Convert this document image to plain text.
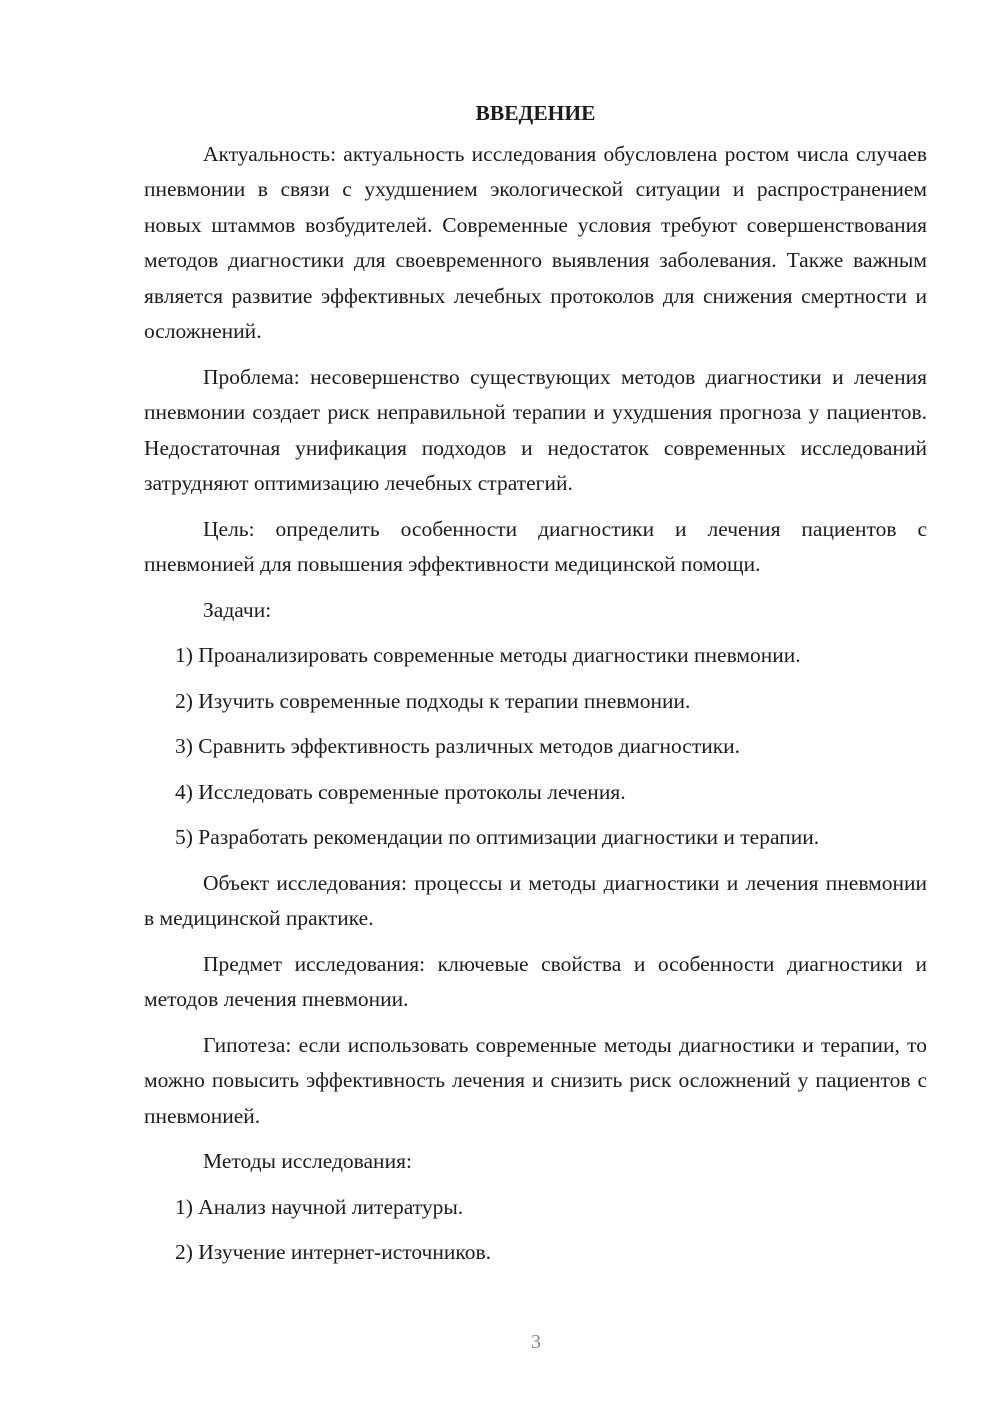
ВВЕДЕНИЕ

Актуальность: актуальность исследования обусловлена ростом числа случаев пневмонии в связи с ухудшением экологической ситуации и распространением новых штаммов возбудителей. Современные условия требуют совершенствования методов диагностики для своевременного выявления заболевания. Также важным является развитие эффективных лечебных протоколов для снижения смертности и осложнений.

Проблема: несовершенство существующих методов диагностики и лечения пневмонии создает риск неправильной терапии и ухудшения прогноза у пациентов. Недостаточная унификация подходов и недостаток современных исследований затрудняют оптимизацию лечебных стратегий.

Цель: определить особенности диагностики и лечения пациентов с пневмонией для повышения эффективности медицинской помощи.

Задачи:

1) Проанализировать современные методы диагностики пневмонии.
2) Изучить современные подходы к терапии пневмонии.
3) Сравнить эффективность различных методов диагностики.
4) Исследовать современные протоколы лечения.
5) Разработать рекомендации по оптимизации диагностики и терапии.

Объект исследования: процессы и методы диагностики и лечения пневмонии в медицинской практике.

Предмет исследования: ключевые свойства и особенности диагностики и методов лечения пневмонии.

Гипотеза: если использовать современные методы диагностики и терапии, то можно повысить эффективность лечения и снизить риск осложнений у пациентов с пневмонией.

Методы исследования:

1) Анализ научной литературы.
2) Изучение интернет-источников.
3
